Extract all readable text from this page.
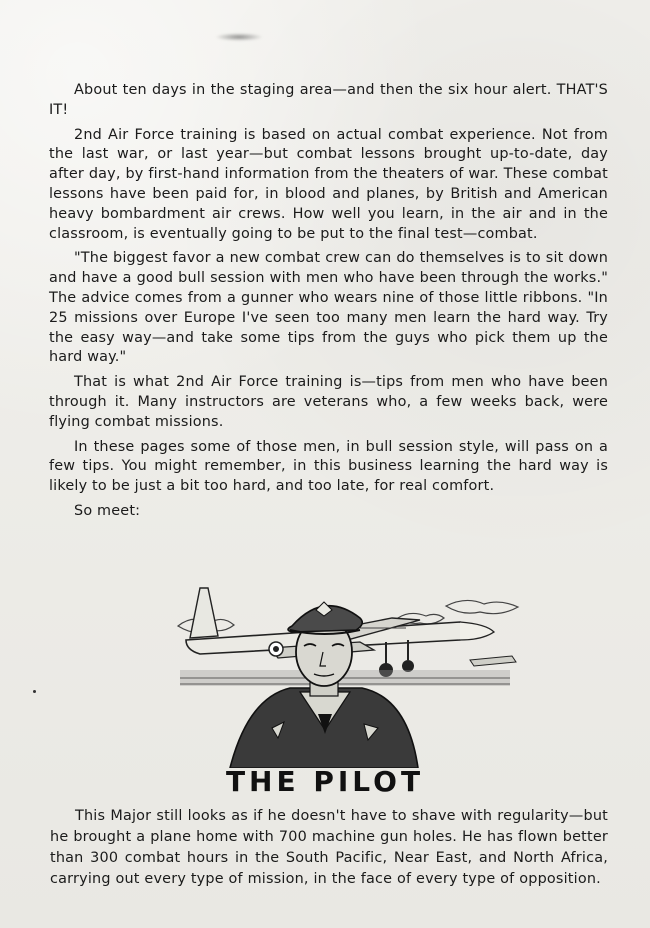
About ten days in the staging area—and then the six hour alert. THAT'S IT!

2nd Air Force training is based on actual combat experience. Not from the last war, or last year—but combat lessons brought up-to-date, day after day, by first-hand information from the theaters of war. These combat lessons have been paid for, in blood and planes, by British and American heavy bombardment air crews. How well you learn, in the air and in the classroom, is eventually going to be put to the final test—combat.

"The biggest favor a new combat crew can do themselves is to sit down and have a good bull session with men who have been through the works." The advice comes from a gunner who wears nine of those little ribbons. "In 25 missions over Europe I've seen too many men learn the hard way. Try the easy way—and take some tips from the guys who pick them up the hard way."

That is what 2nd Air Force training is—tips from men who have been through it. Many instructors are veterans who, a few weeks back, were flying combat missions.

In these pages some of those men, in bull session style, will pass on a few tips. You might remember, in this business learning the hard way is likely to be just a bit too hard, and too late, for real comfort.

So meet:

THE PILOT

This Major still looks as if he doesn't have to shave with regularity—but he brought a plane home with 700 machine gun holes. He has flown better than 300 combat hours in the South Pacific, Near East, and North Africa, carrying out every type of mission, in the face of every type of opposition.
